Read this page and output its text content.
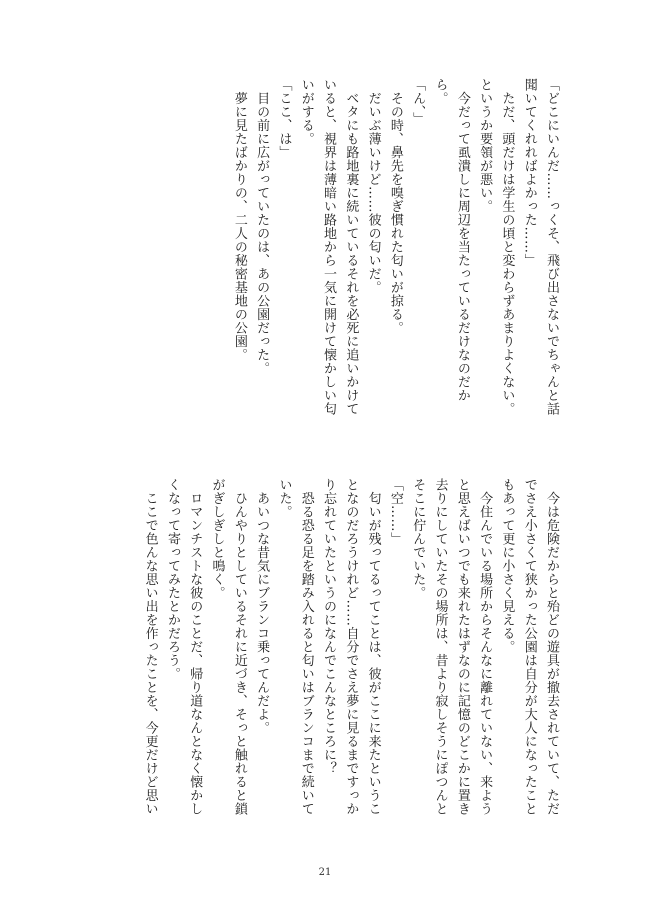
「どこにいんだ……っくそ、飛び出さないでちゃんと話

聞いてくれればよかった……」

　ただ、頭だけは学生の頃と変わらずあまりよくない。

というか要領が悪い。

　今だって虱潰しに周辺を当たっているだけなのだか

ら。

「ん、」

　その時、鼻先を嗅ぎ慣れた匂いが掠る。

　だいぶ薄いけど……彼の匂いだ。

　ベタにも路地裏に続いているそれを必死に追いかけて

いると、視界は薄暗い路地から一気に開けて懐かしい匂

いがする。

「ここ、は」

　目の前に広がっていたのは、あの公園だった。

　夢に見たばかりの、二人の秘密基地の公園。

　今は危険だからと殆どの遊具が撤去されていて、ただ

でさえ小さくて狭かった公園は自分が大人になったこと

もあって更に小さく見える。

　今住んでいる場所からそんなに離れていない、来よう

と思えばいつでも来れたはずなのに記憶のどこかに置き

去りにしていたその場所は、昔より寂しそうにぽつんと

そこに佇んでいた。

「空……」

　匂いが残ってるってことは、彼がここに来たというこ

となのだろうけれど……自分でさえ夢に見るまですっか

り忘れていたというのになんでこんなところに？

　恐る恐る足を踏み入れると匂いはブランコまで続いて

いた。

　あいつな昔気にブランコ乗ってんだよ。

　ひんやりとしているそれに近づき、そっと触れると鎖

がぎしぎしと鳴く。

　ロマンチストな彼のことだ、帰り道なんとなく懐かし

くなって寄ってみたとかだろう。

　ここで色んな思い出を作ったことを、今更だけど思い

21
